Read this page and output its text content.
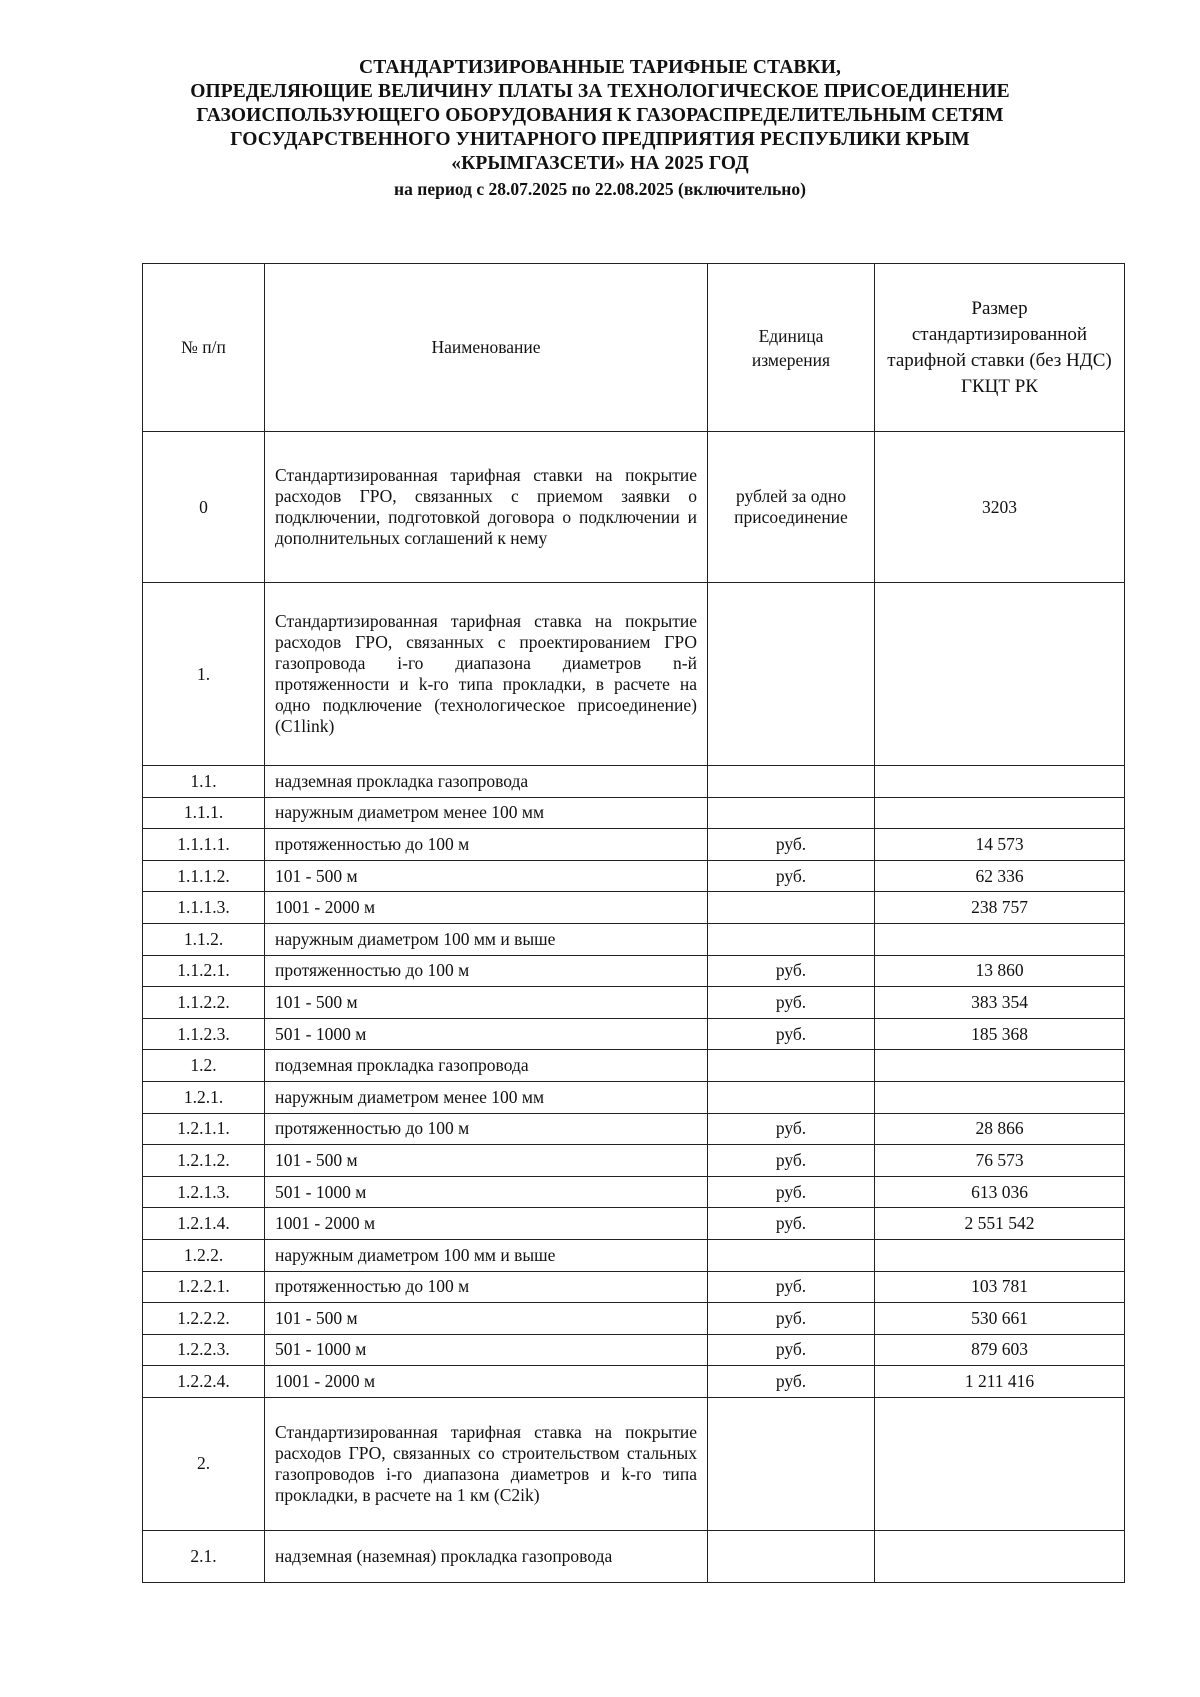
СТАНДАРТИЗИРОВАННЫЕ ТАРИФНЫЕ СТАВКИ,
ОПРЕДЕЛЯЮЩИЕ ВЕЛИЧИНУ ПЛАТЫ ЗА ТЕХНОЛОГИЧЕСКОЕ ПРИСОЕДИНЕНИЕ
ГАЗОИСПОЛЬЗУЮЩЕГО ОБОРУДОВАНИЯ К ГАЗОРАСПРЕДЕЛИТЕЛЬНЫМ СЕТЯМ
ГОСУДАРСТВЕННОГО УНИТАРНОГО ПРЕДПРИЯТИЯ РЕСПУБЛИКИ КРЫМ
«КРЫМГАЗСЕТИ» НА 2025 ГОД
на период с 28.07.2025 по 22.08.2025 (включительно)
№ п/п	Наименование	Единица измерения	Размер стандартизированной тарифной ставки (без НДС) ГКЦТ РК
0	Стандартизированная тарифная ставки на покрытие расходов ГРО, связанных с приемом заявки о подключении, подготовкой договора о подключении и дополнительных соглашений к нему	рублей за одно присоединение	3203
1.	Стандартизированная тарифная ставка на покрытие расходов ГРО, связанных с проектированием ГРО газопровода i-го диапазона диаметров n-й протяженности и k-го типа прокладки, в расчете на одно подключение (технологическое присоединение) (С1link)		
1.1.	надземная прокладка газопровода		
1.1.1.	наружным диаметром менее 100 мм		
1.1.1.1.	протяженностью до 100 м	руб.	14 573
1.1.1.2.	101 - 500 м	руб.	62 336
1.1.1.3.	1001 - 2000 м		238 757
1.1.2.	наружным диаметром 100 мм и выше		
1.1.2.1.	протяженностью до 100 м	руб.	13 860
1.1.2.2.	101 - 500 м	руб.	383 354
1.1.2.3.	501 - 1000 м	руб.	185 368
1.2.	подземная прокладка газопровода		
1.2.1.	наружным диаметром менее 100 мм		
1.2.1.1.	протяженностью до 100 м	руб.	28 866
1.2.1.2.	101 - 500 м	руб.	76 573
1.2.1.3.	501 - 1000 м	руб.	613 036
1.2.1.4.	1001 - 2000 м	руб.	2 551 542
1.2.2.	наружным диаметром 100 мм и выше		
1.2.2.1.	протяженностью до 100 м	руб.	103 781
1.2.2.2.	101 - 500 м	руб.	530 661
1.2.2.3.	501 - 1000 м	руб.	879 603
1.2.2.4.	1001 - 2000 м	руб.	1 211 416
2.	Стандартизированная тарифная ставка на покрытие расходов ГРО, связанных со строительством стальных газопроводов i-го диапазона диаметров и k-го типа прокладки, в расчете на 1 км (С2ik)		
2.1.	надземная (наземная) прокладка газопровода		
